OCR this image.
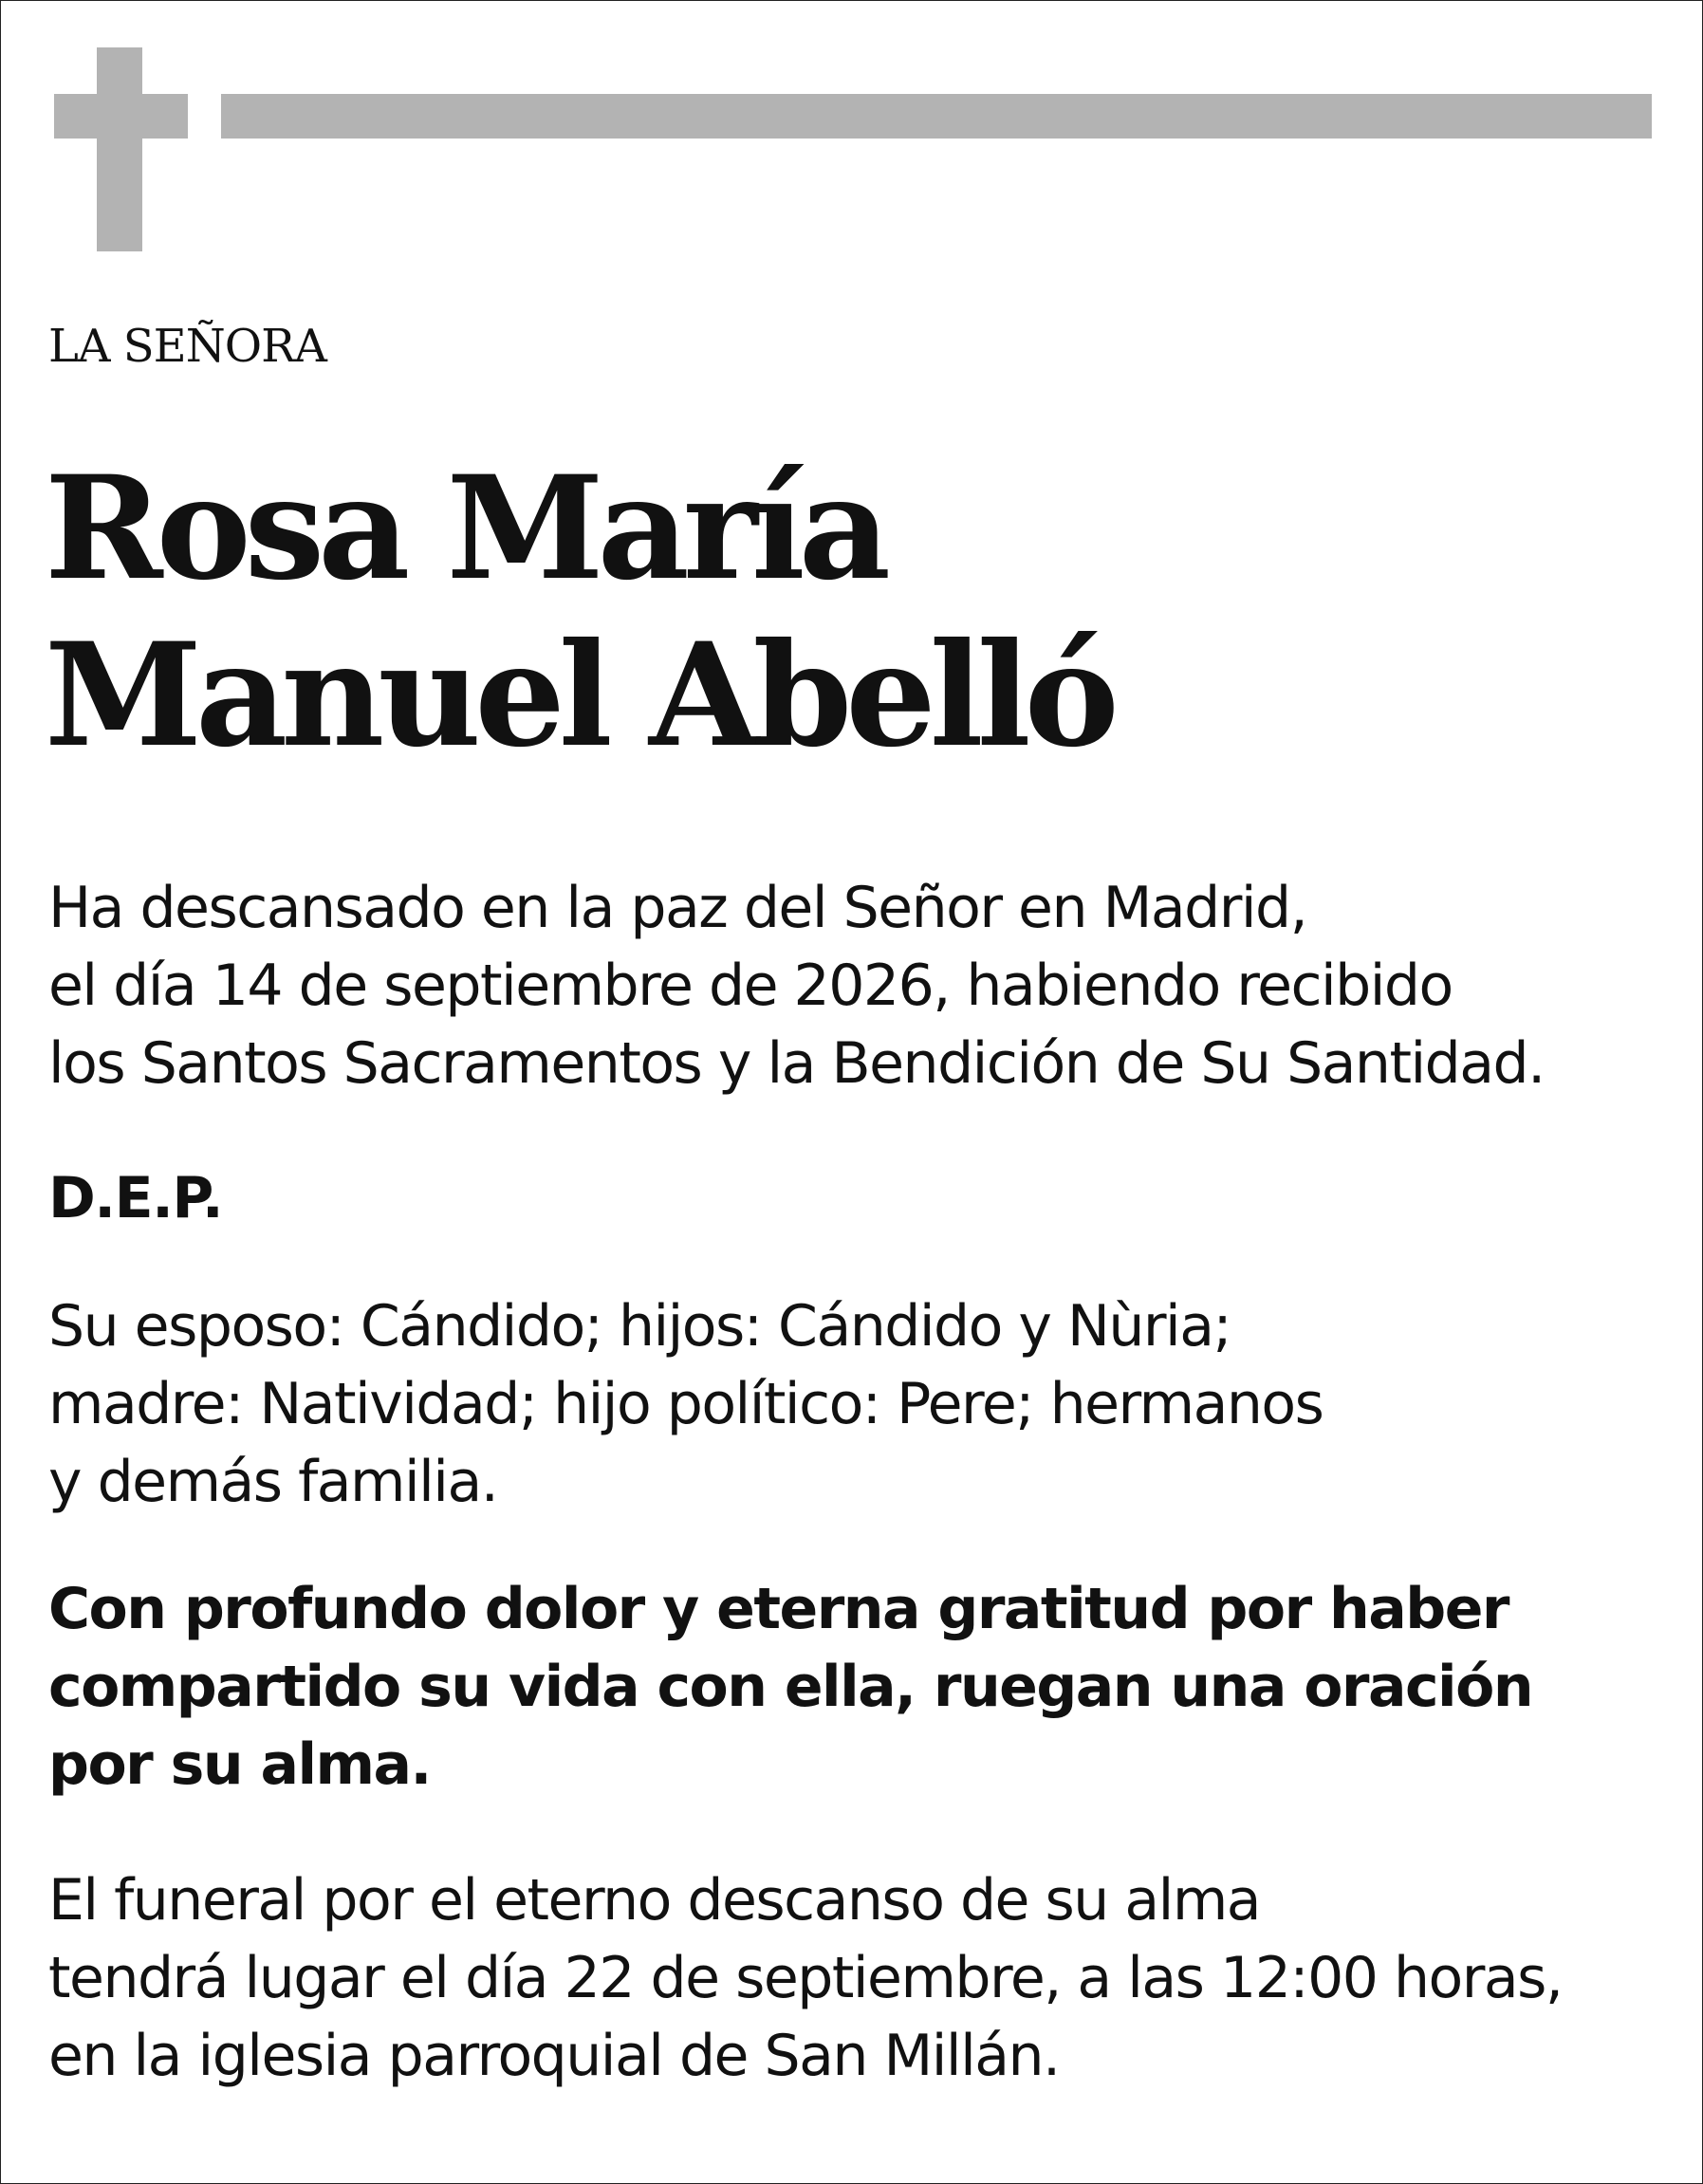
LA SEÑORA
Rosa María
Manuel Abelló
Ha descansado en la paz del Señor en Madrid,
el día 14 de septiembre de 2026, habiendo recibido
los Santos Sacramentos y la Bendición de Su Santidad.
D.E.P.
Su esposo: Cándido; hijos: Cándido y Nùria;
madre: Natividad; hijo político: Pere; hermanos
y demás familia.
Con profundo dolor y eterna gratitud por haber
compartido su vida con ella, ruegan una oración
por su alma.
El funeral por el eterno descanso de su alma
tendrá lugar el día 22 de septiembre, a las 12:00 horas,
en la iglesia parroquial de San Millán.
